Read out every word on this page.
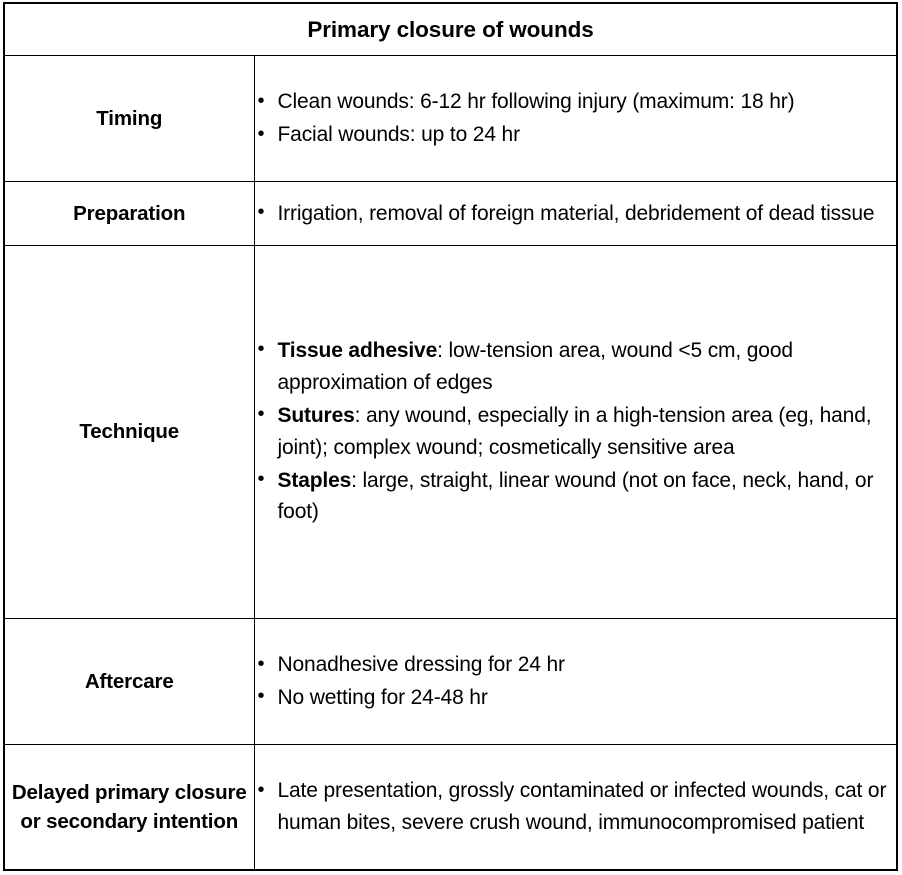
Primary closure of wounds	
Timing	
• Clean wounds: 6-12 hr following injury (maximum: 18 hr)
• Facial wounds: up to 24 hr

Preparation	
•Irrigation, removal of foreign material, debridement of dead tissue

Technique	
• Tissue adhesive: low-tension area, wound <5 cm, good approximation of edges
• Sutures: any wound, especially in a high-tension area (eg, hand, joint); complex wound; cosmetically sensitive area
• Staples: large, straight, linear wound (not on face, neck, hand, or foot)

Aftercare	
• Nonadhesive dressing for 24 hr
• No wetting for 24-48 hr

Delayed primary closure or secondary intention	
• Late presentation, grossly contaminated or infected wounds, cat or human bites, severe crush wound, immunocompromised patient
